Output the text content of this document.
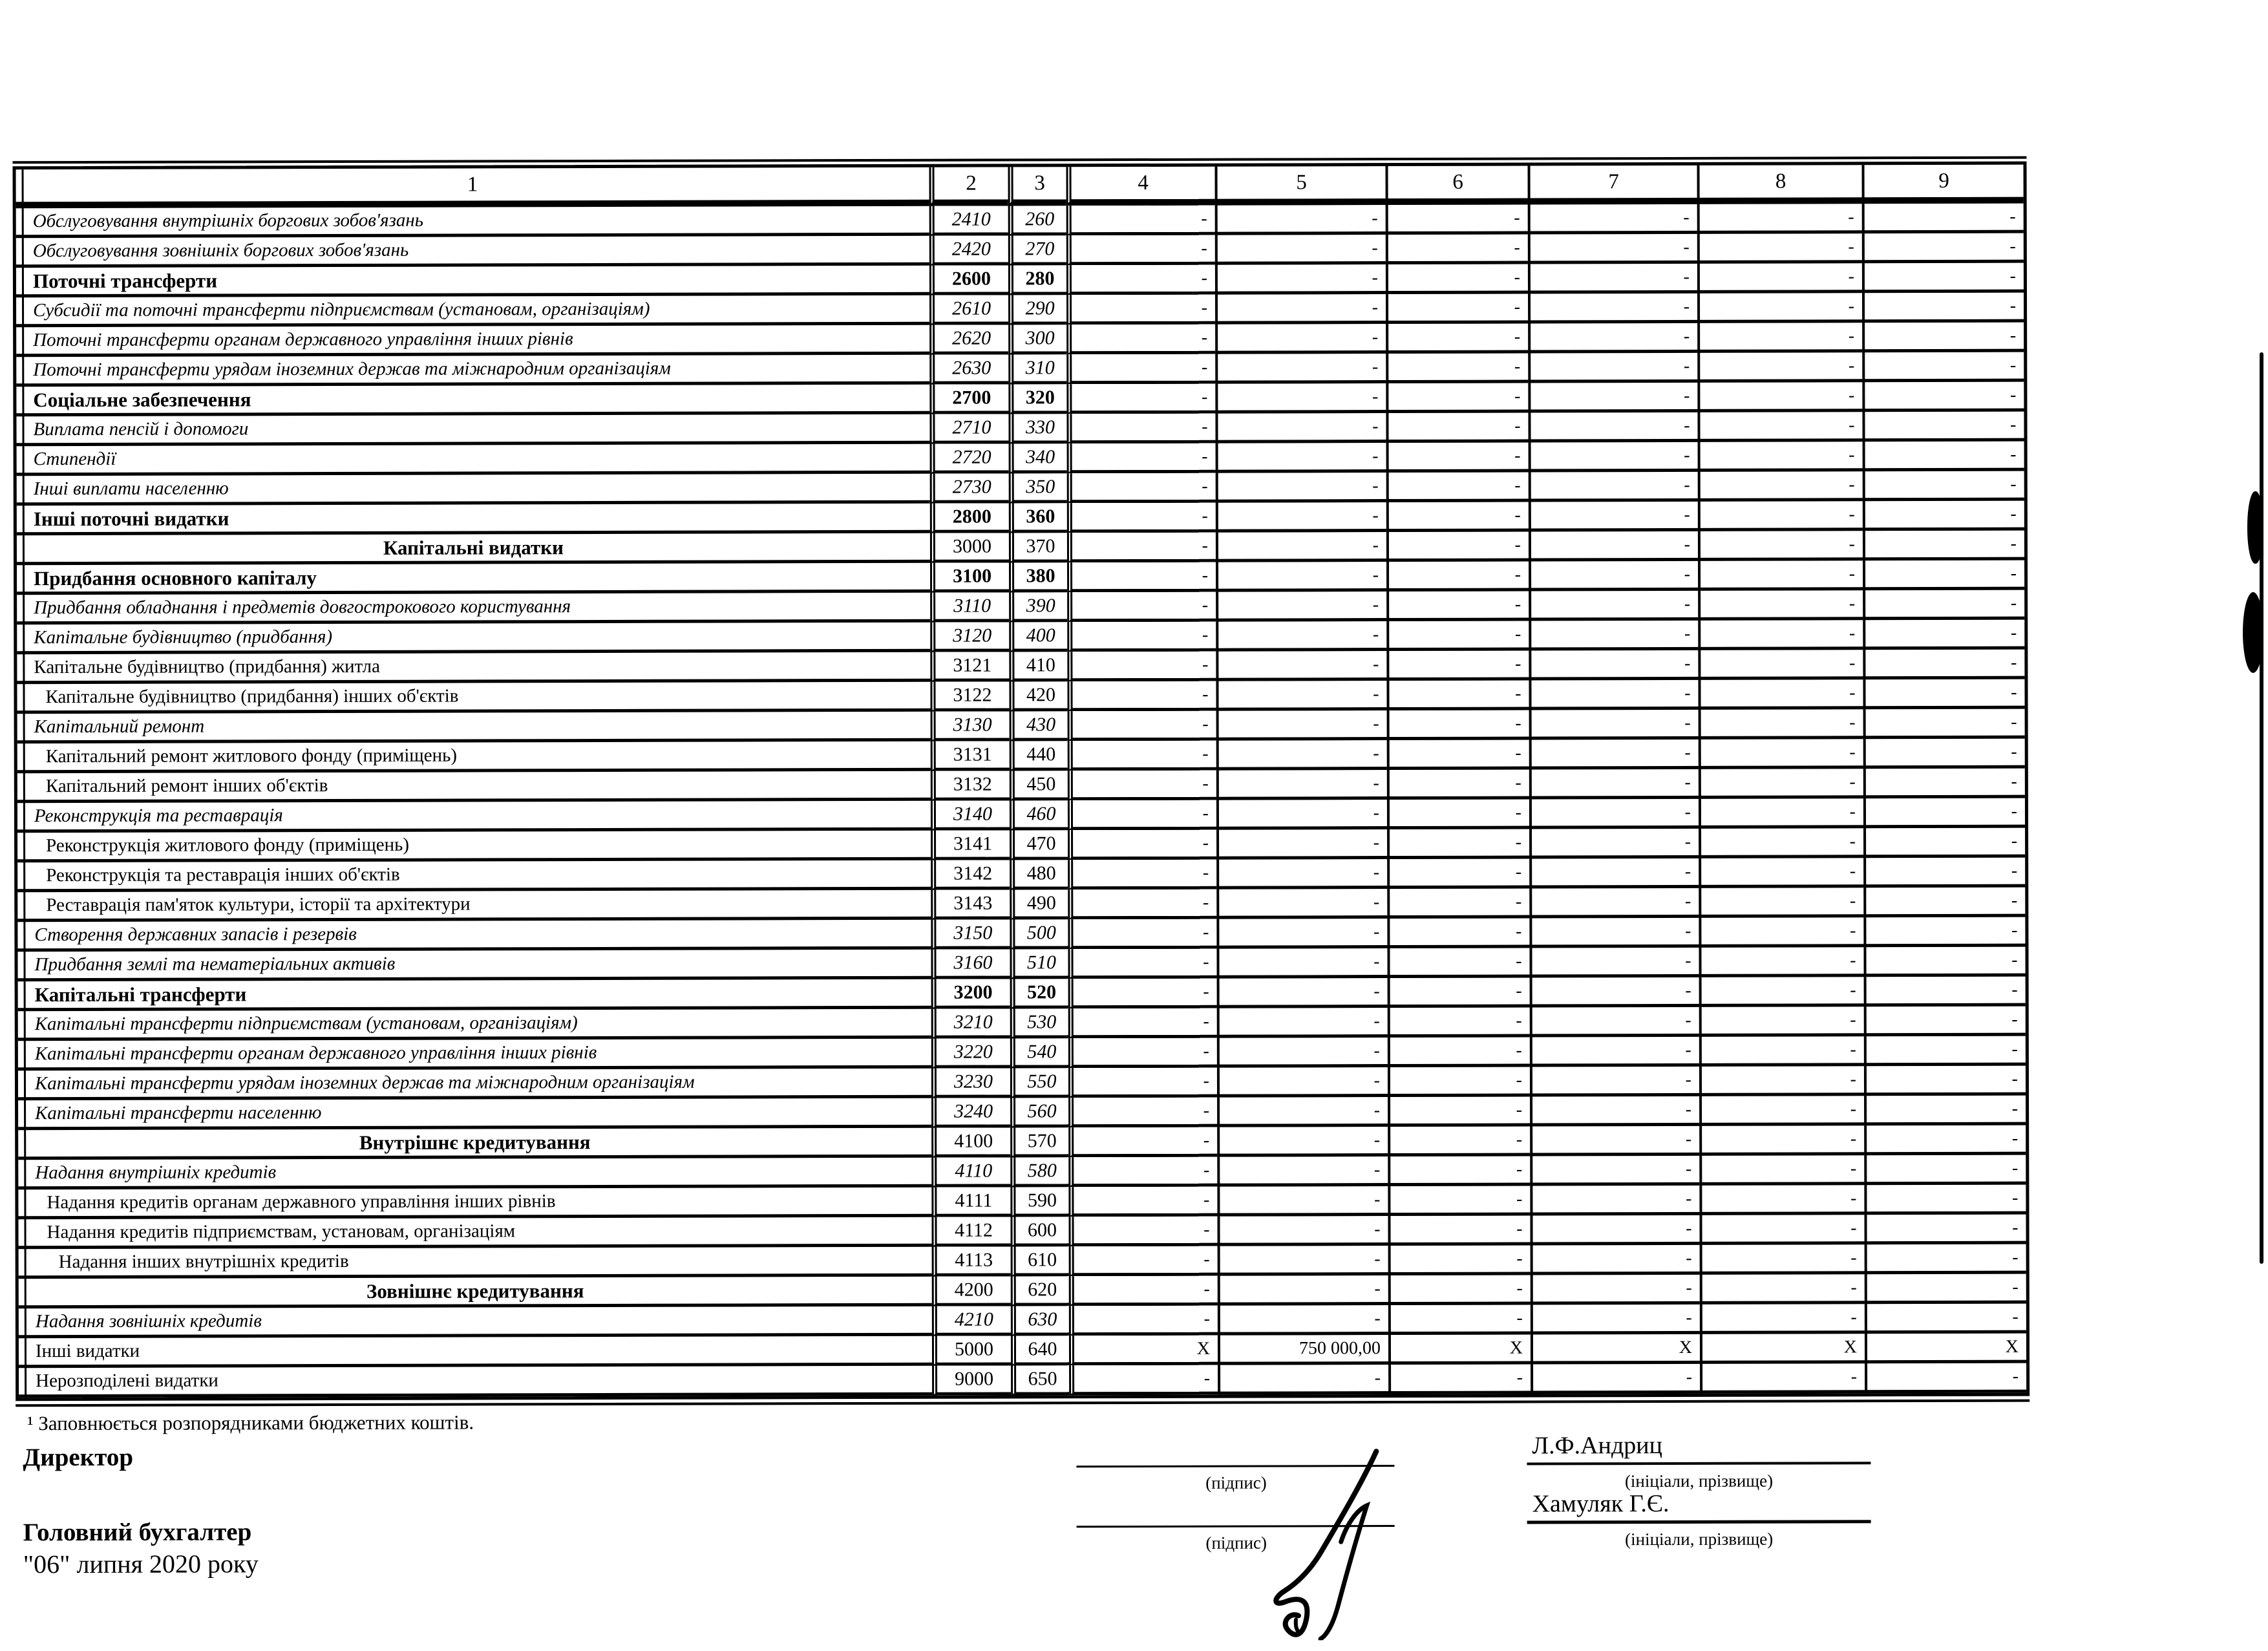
1	2	3	4	5	6	7	8	9
Обслуговування внутрішніх боргових зобов'язань	2410	260	-	-	-	-	-	-
Обслуговування зовнішніх боргових зобов'язань	2420	270	-	-	-	-	-	-
Поточні трансферти	2600	280	-	-	-	-	-	-
Субсидії та поточні трансферти підприємствам (установам, організаціям)	2610	290	-	-	-	-	-	-
Поточні трансферти органам державного управління інших рівнів	2620	300	-	-	-	-	-	-
Поточні трансферти урядам іноземних держав та міжнародним організаціям	2630	310	-	-	-	-	-	-
Соціальне забезпечення	2700	320	-	-	-	-	-	-
Виплата пенсій і допомоги	2710	330	-	-	-	-	-	-
Стипендії	2720	340	-	-	-	-	-	-
Інші виплати населенню	2730	350	-	-	-	-	-	-
Інші поточні видатки	2800	360	-	-	-	-	-	-
Капітальні видатки	3000	370	-	-	-	-	-	-
Придбання основного капіталу	3100	380	-	-	-	-	-	-
Придбання обладнання і предметів довгострокового користування	3110	390	-	-	-	-	-	-
Капітальне будівництво (придбання)	3120	400	-	-	-	-	-	-
Капітальне будівництво (придбання) житла	3121	410	-	-	-	-	-	-
Капітальне будівництво (придбання) інших об'єктів	3122	420	-	-	-	-	-	-
Капітальний ремонт	3130	430	-	-	-	-	-	-
Капітальний ремонт житлового фонду (приміщень)	3131	440	-	-	-	-	-	-
Капітальний ремонт інших об'єктів	3132	450	-	-	-	-	-	-
Реконструкція та реставрація	3140	460	-	-	-	-	-	-
Реконструкція житлового фонду (приміщень)	3141	470	-	-	-	-	-	-
Реконструкція та реставрація інших об'єктів	3142	480	-	-	-	-	-	-
Реставрація пам'яток культури, історії та архітектури	3143	490	-	-	-	-	-	-
Створення державних запасів і резервів	3150	500	-	-	-	-	-	-
Придбання землі та нематеріальних активів	3160	510	-	-	-	-	-	-
Капітальні трансферти	3200	520	-	-	-	-	-	-
Капітальні трансферти підприємствам (установам, організаціям)	3210	530	-	-	-	-	-	-
Капітальні трансферти органам державного управління інших рівнів	3220	540	-	-	-	-	-	-
Капітальні трансферти урядам іноземних держав та міжнародним організаціям	3230	550	-	-	-	-	-	-
Капітальні трансферти населенню	3240	560	-	-	-	-	-	-
Внутрішнє кредитування	4100	570	-	-	-	-	-	-
Надання внутрішніх кредитів	4110	580	-	-	-	-	-	-
Надання кредитів органам державного управління інших рівнів	4111	590	-	-	-	-	-	-
Надання кредитів підприємствам, установам, організаціям	4112	600	-	-	-	-	-	-
Надання інших внутрішніх кредитів	4113	610	-	-	-	-	-	-
Зовнішнє кредитування	4200	620	-	-	-	-	-	-
Надання зовнішніх кредитів	4210	630	-	-	-	-	-	-
Інші видатки	5000	640	X	750 000,00	X	X	X	X
Нерозподілені видатки	9000	650	-	-	-	-	-	-
¹ Заповнюється розпорядниками бюджетних коштів.
Директор
Головний бухгалтер
"06" липня 2020 року
(підпис)
(підпис)
(ініціали, прізвище)
(ініціали, прізвище)
Л.Ф.Андриц
Хамуляк Г.Є.
